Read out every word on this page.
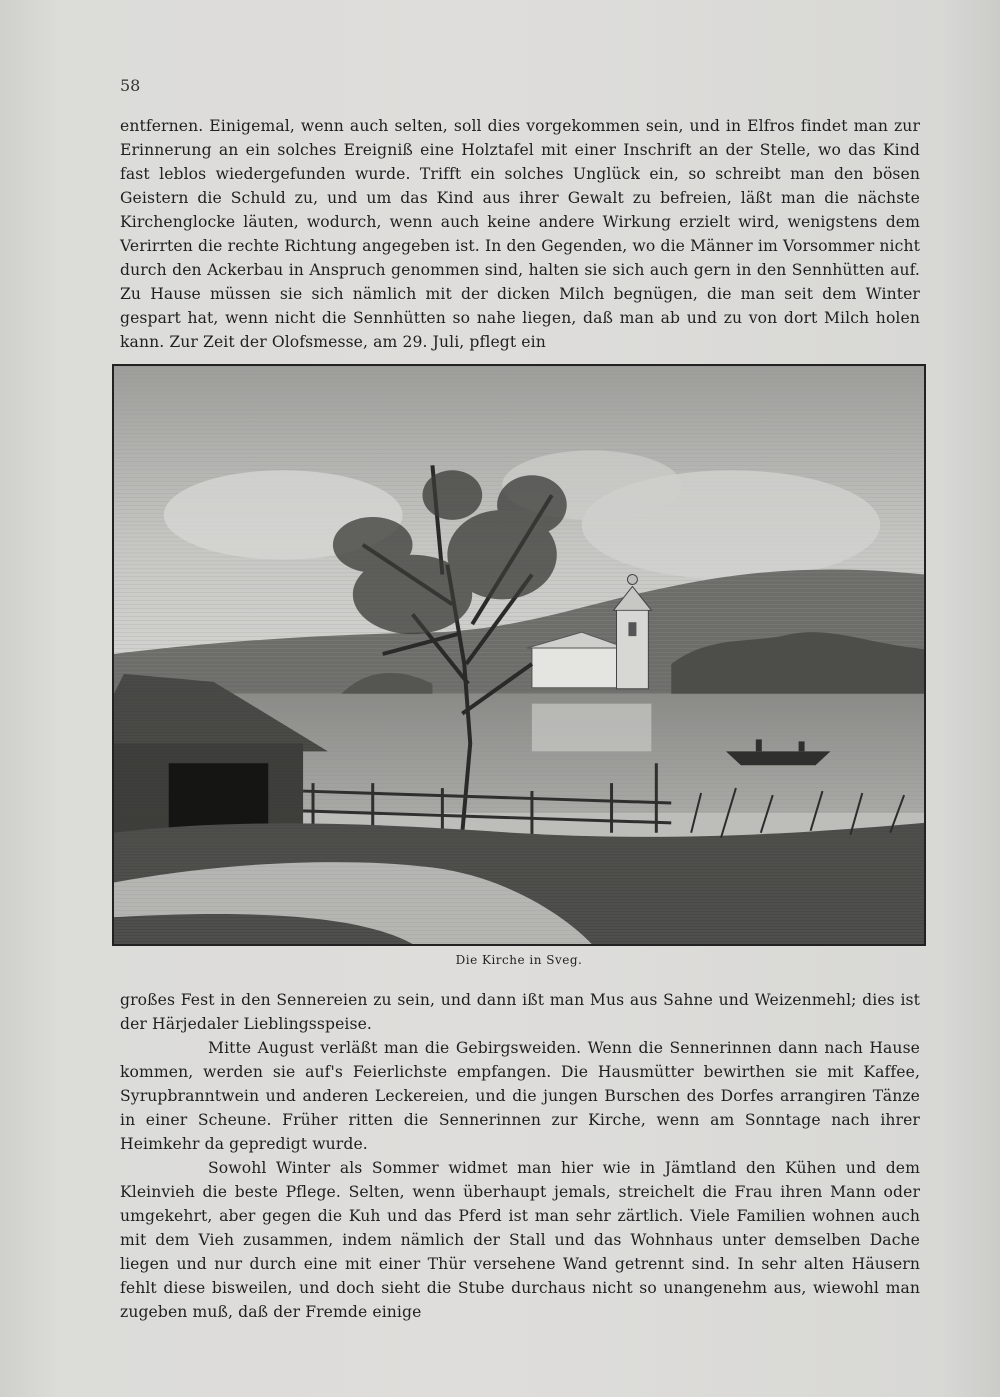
58

entfernen. Einigemal, wenn auch selten, soll dies vorgekommen sein, und in Elfros findet man zur Erinnerung an ein solches Ereigniß eine Holztafel mit einer Inschrift an der Stelle, wo das Kind fast leblos wiedergefunden wurde. Trifft ein solches Unglück ein, so schreibt man den bösen Geistern die Schuld zu, und um das Kind aus ihrer Gewalt zu befreien, läßt man die nächste Kirchenglocke läuten, wodurch, wenn auch keine andere Wirkung erzielt wird, wenigstens dem Verirrten die rechte Richtung angegeben ist. In den Gegenden, wo die Männer im Vorsommer nicht durch den Ackerbau in Anspruch genommen sind, halten sie sich auch gern in den Sennhütten auf. Zu Hause müssen sie sich nämlich mit der dicken Milch begnügen, die man seit dem Winter gespart hat, wenn nicht die Sennhütten so nahe liegen, daß man ab und zu von dort Milch holen kann. Zur Zeit der Olofsmesse, am 29. Juli, pflegt ein

Die Kirche in Sveg.

großes Fest in den Sennereien zu sein, und dann ißt man Mus aus Sahne und Weizenmehl; dies ist der Härjedaler Lieblingsspeise.

Mitte August verläßt man die Gebirgsweiden. Wenn die Sennerinnen dann nach Hause kommen, werden sie auf's Feierlichste empfangen. Die Hausmütter bewirthen sie mit Kaffee, Syrupbranntwein und anderen Leckereien, und die jungen Burschen des Dorfes arrangiren Tänze in einer Scheune. Früher ritten die Sennerinnen zur Kirche, wenn am Sonntage nach ihrer Heimkehr da gepredigt wurde.

Sowohl Winter als Sommer widmet man hier wie in Jämtland den Kühen und dem Kleinvieh die beste Pflege. Selten, wenn überhaupt jemals, streichelt die Frau ihren Mann oder umgekehrt, aber gegen die Kuh und das Pferd ist man sehr zärtlich. Viele Familien wohnen auch mit dem Vieh zusammen, indem nämlich der Stall und das Wohnhaus unter demselben Dache liegen und nur durch eine mit einer Thür versehene Wand getrennt sind. In sehr alten Häusern fehlt diese bisweilen, und doch sieht die Stube durchaus nicht so unangenehm aus, wiewohl man zugeben muß, daß der Fremde einige
